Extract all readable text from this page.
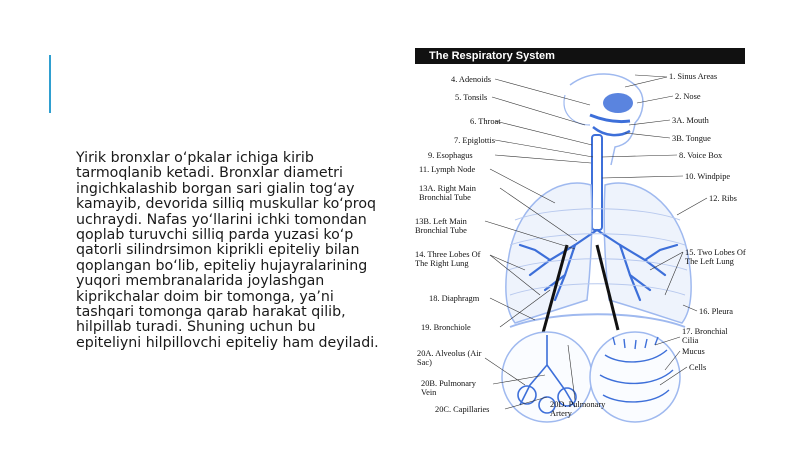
Yirik bronxlar o‘pkalar ichiga kirib tarmoqlanib ketadi. Bronxlar diametri ingichkalashib borgan sari gialin tog‘ay kamayib, devorida silliq muskullar ko‘proq uchraydi. Nafas yo‘llarini ichki tomondan qoplab turuvchi silliq parda yuzasi ko‘p qatorli silindrsimon kiprikli epiteliy bilan qoplangan bo‘lib, epiteliy hujayralarining yuqori membranalarida joylashgan kiprikchalar doim bir tomonga, ya’ni tashqari tomonga qarab harakat qilib, hilpillab turadi. Shuning uchun bu epiteliyni hilpillovchi epiteliy ham deyiladi.

The Respiratory System
4. Adenoids
5. Tonsils
6. Throat
7. Epiglottis
9. Esophagus
11. Lymph Node
13A. Right Main Bronchial Tube
13B. Left Main Bronchial Tube
14. Three Lobes Of The Right Lung
18. Diaphragm
19. Bronchiole
20A. Alveolus (Air Sac)
20B. Pulmonary Vein
20C. Capillaries
1. Sinus Areas
2. Nose
3A. Mouth
3B. Tongue
8. Voice Box
10. Windpipe
12. Ribs
15. Two Lobes Of The Left Lung
16. Pleura
17. Bronchial Cilia
Mucus
Cells
20D. Pulmonary Artery
